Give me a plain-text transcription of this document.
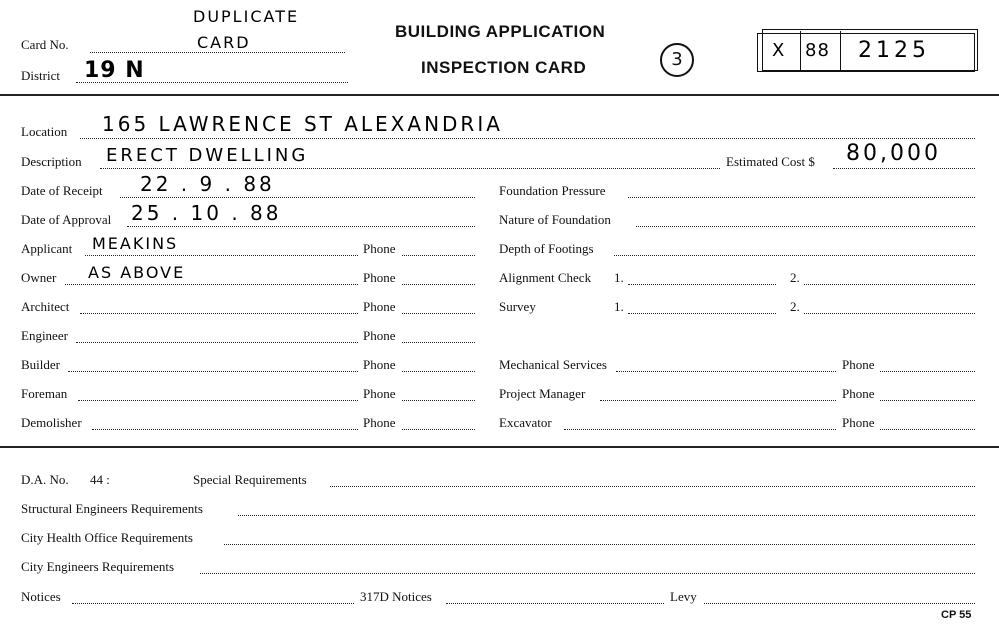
Card No.
DUPLICATE
CARD
District 19 N
BUILDING APPLICATION
INSPECTION CARD	3	X 88 2125
Location 165 LAWRENCE ST ALEXANDRIA
Description ERECT DWELLING	Estimated Cost $ 80,000
Date of Receipt 22 . 9 . 88
Date of Approval 25 . 10 . 88
Applicant MEAKINS	Phone
Owner AS ABOVE	Phone
Architect	Phone
Engineer	Phone
Builder	Phone
Foreman	Phone
Demolisher	Phone
Foundation Pressure
Nature of Foundation
Depth of Footings
Alignment Check 1.	2.
Survey	1.	2.
Mechanical Services	Phone
Project Manager	Phone
Excavator	Phone
D.A. No. 44 :	Special Requirements
Structural Engineers Requirements
City Health Office Requirements
City Engineers Requirements
Notices	317D Notices	Levy
CP 55
